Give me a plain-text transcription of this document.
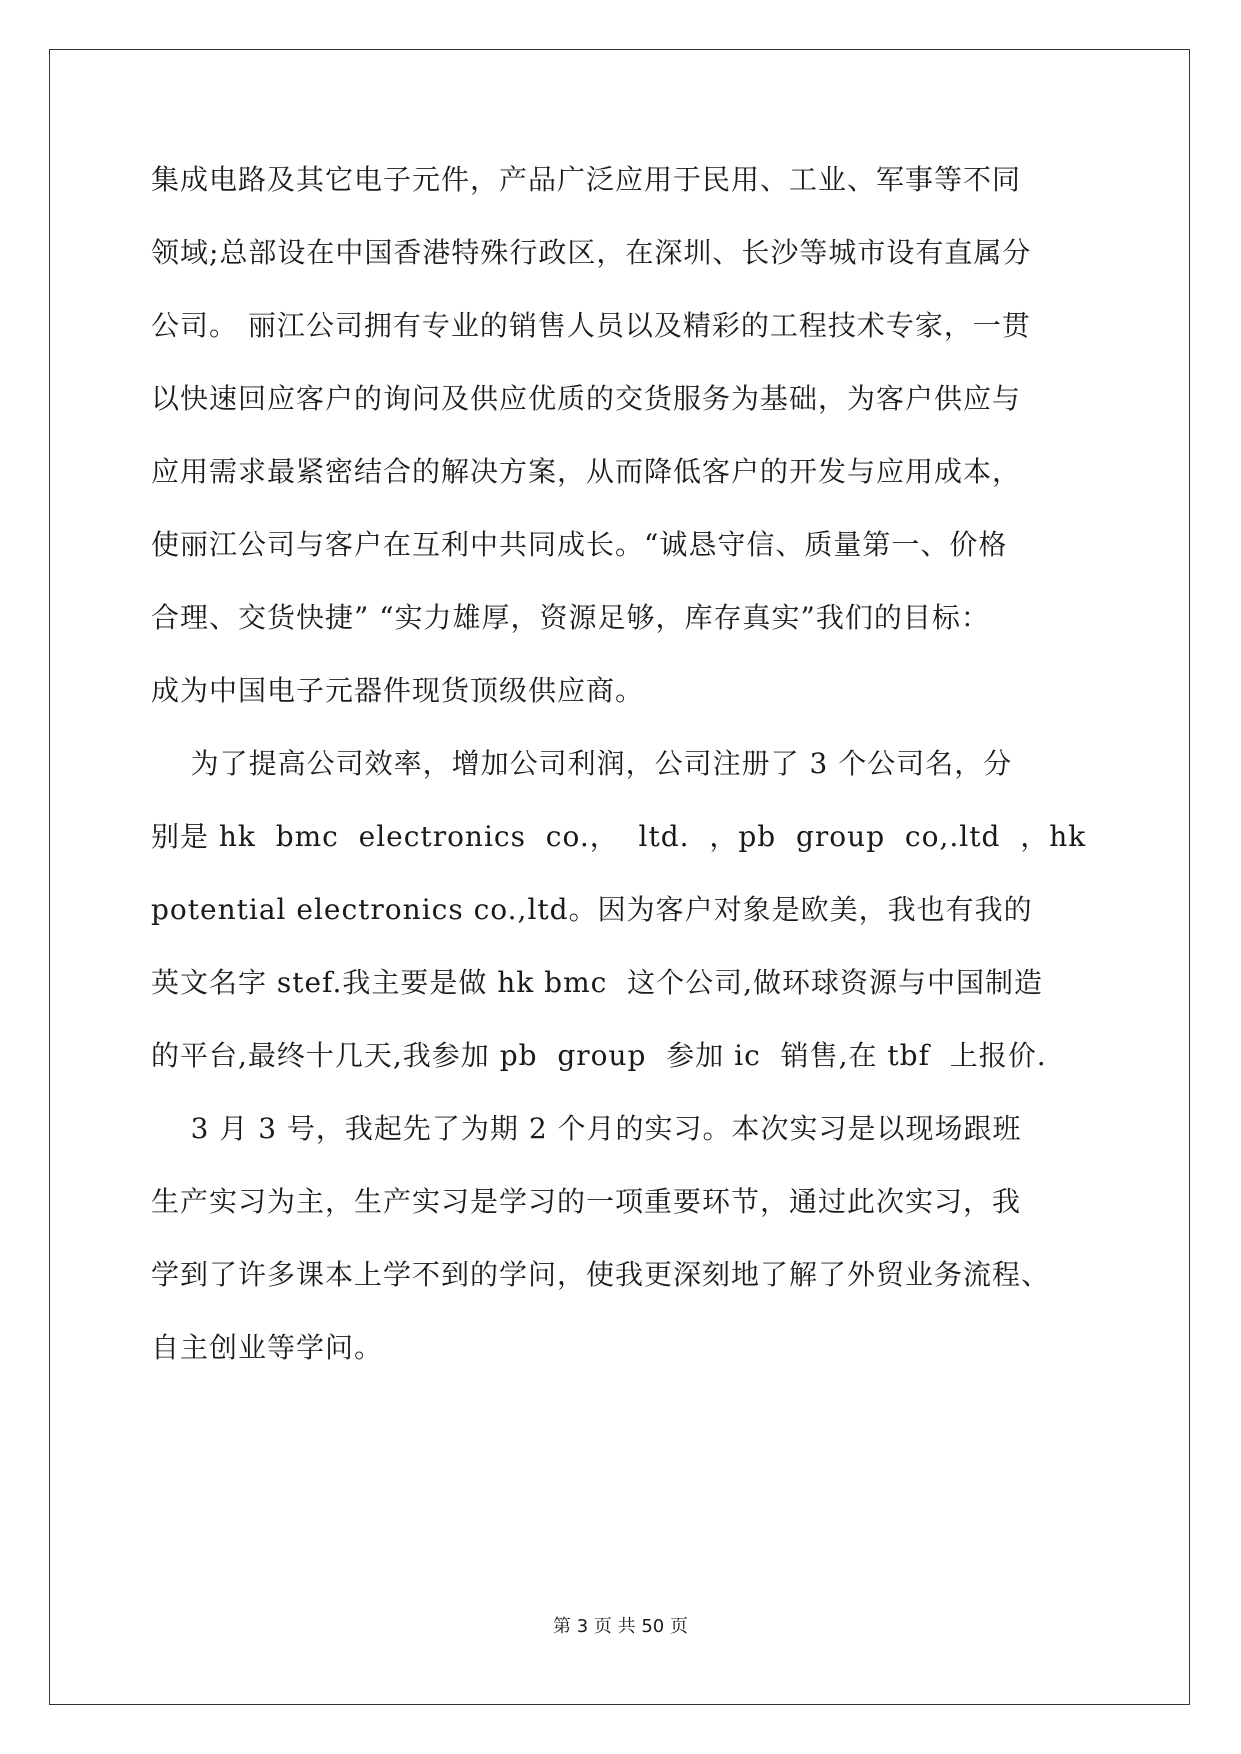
集成电路及其它电子元件，产品广泛应用于民用、工业、军事等不同
领域;总部设在中国香港特殊行政区，在深圳、长沙等城市设有直属分
公司。 丽江公司拥有专业的销售人员以及精彩的工程技术专家，一贯
以快速回应客户的询问及供应优质的交货服务为基础，为客户供应与
应用需求最紧密结合的解决方案，从而降低客户的开发与应用成本，
使丽江公司与客户在互利中共同成长。“诚恳守信、质量第一、价格
合理、交货快捷” “实力雄厚，资源足够，库存真实”我们的目标：
成为中国电子元器件现货顶级供应商。
为了提高公司效率，增加公司利润，公司注册了 3 个公司名，分
别是 hk  bmc  electronics  co.，  ltd.  ，pb  group  co,.ltd  ，hk
potential electronics co.,ltd。因为客户对象是欧美，我也有我的
英文名字 stef.我主要是做 hk bmc  这个公司,做环球资源与中国制造
的平台,最终十几天,我参加 pb  group  参加 ic  销售,在 tbf  上报价.
3 月 3 号，我起先了为期 2 个月的实习。本次实习是以现场跟班
生产实习为主，生产实习是学习的一项重要环节，通过此次实习，我
学到了许多课本上学不到的学问，使我更深刻地了解了外贸业务流程、
自主创业等学问。
第 3 页 共 50 页
